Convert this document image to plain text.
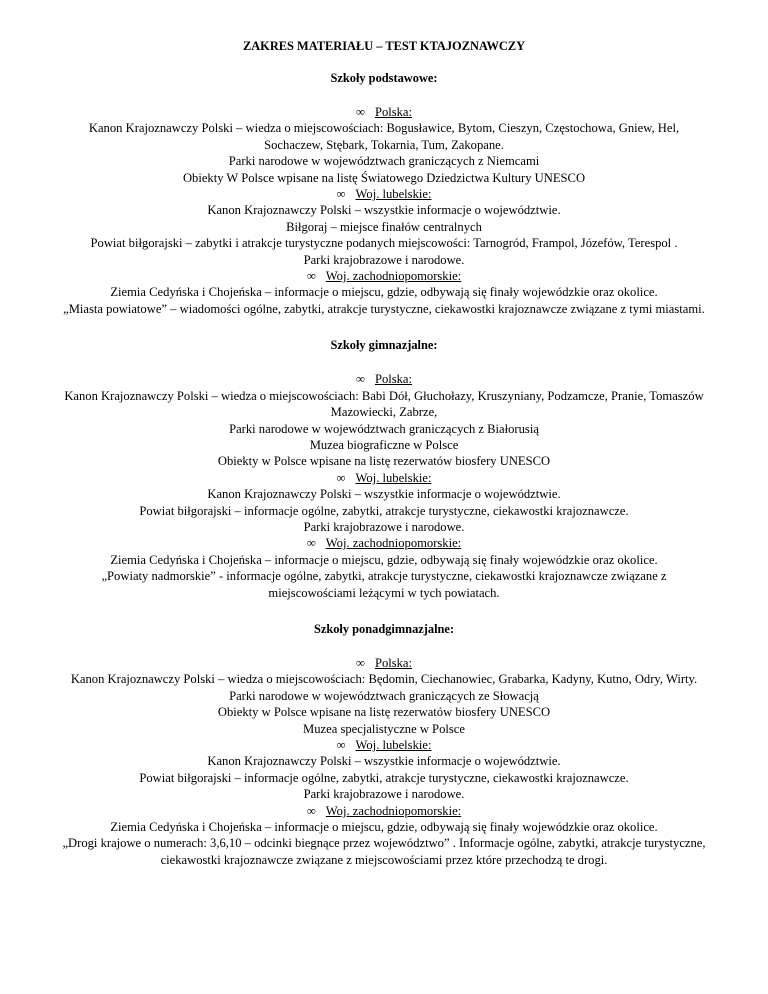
ZAKRES MATERIAŁU – TEST KTAJOZNAWCZY
Szkoły podstawowe:
∞ Polska:
Kanon Krajoznawczy Polski – wiedza o miejscowościach: Bogusławice, Bytom, Cieszyn, Częstochowa, Gniew, Hel, Sochaczew, Stębark, Tokarnia, Tum, Zakopane.
Parki narodowe w województwach graniczących z Niemcami
Obiekty W Polsce wpisane na listę Światowego Dziedzictwa Kultury UNESCO
∞ Woj. lubelskie:
Kanon Krajoznawczy Polski – wszystkie informacje o województwie.
Biłgoraj – miejsce finałów centralnych
Powiat biłgorajski – zabytki i atrakcje turystyczne podanych miejscowości: Tarnogród, Frampol, Józefów, Terespol .
Parki krajobrazowe i narodowe.
∞ Woj. zachodniopomorskie:
Ziemia Cedyńska i Chojeńska – informacje o miejscu, gdzie, odbywają się finały wojewódzkie oraz okolice.
„Miasta powiatowe” – wiadomości ogólne, zabytki, atrakcje turystyczne, ciekawostki krajoznawcze związane z tymi miastami.
Szkoły gimnazjalne:
∞ Polska:
Kanon Krajoznawczy Polski – wiedza o miejscowościach: Babi Dół, Głuchołazy, Kruszyniany, Podzamcze, Pranie, Tomaszów Mazowiecki, Zabrze,
Parki narodowe w województwach graniczących z Białorusią
Muzea biograficzne w Polsce
Obiekty w Polsce wpisane na listę rezerwatów biosfery UNESCO
∞ Woj. lubelskie:
Kanon Krajoznawczy Polski – wszystkie informacje o województwie.
Powiat biłgorajski – informacje ogólne, zabytki, atrakcje turystyczne, ciekawostki krajoznawcze.
Parki krajobrazowe i narodowe.
∞ Woj. zachodniopomorskie:
Ziemia Cedyńska i Chojeńska – informacje o miejscu, gdzie, odbywają się finały wojewódzkie oraz okolice.
„Powiaty nadmorskie” - informacje ogólne, zabytki, atrakcje turystyczne, ciekawostki krajoznawcze związane z miejscowościami leżącymi w tych powiatach.
Szkoły ponadgimnazjalne:
∞ Polska:
Kanon Krajoznawczy Polski – wiedza o miejscowościach: Będomin, Ciechanowiec, Grabarka, Kadyny, Kutno, Odry, Wirty.
Parki narodowe w województwach graniczących ze Słowacją
Obiekty w Polsce wpisane na listę rezerwatów biosfery UNESCO
Muzea specjalistyczne w Polsce
∞ Woj. lubelskie:
Kanon Krajoznawczy Polski – wszystkie informacje o województwie.
Powiat biłgorajski – informacje ogólne, zabytki, atrakcje turystyczne, ciekawostki krajoznawcze.
Parki krajobrazowe i narodowe.
∞ Woj. zachodniopomorskie:
Ziemia Cedyńska i Chojeńska – informacje o miejscu, gdzie, odbywają się finały wojewódzkie oraz okolice.
„Drogi krajowe o numerach: 3,6,10 – odcinki biegnące przez województwo” . Informacje ogólne, zabytki, atrakcje turystyczne, ciekawostki krajoznawcze związane z miejscowościami przez które przechodzą te drogi.
